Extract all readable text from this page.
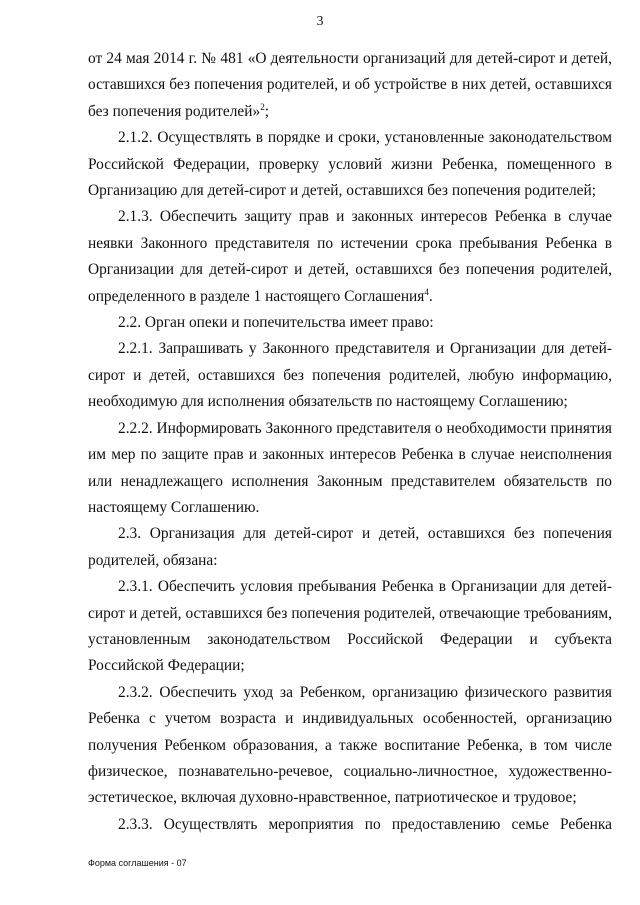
3

от 24 мая 2014 г. № 481 «О деятельности организаций для детей-сирот и детей, оставшихся без попечения родителей, и об устройстве в них детей, оставшихся без попечения родителей»$^2$;

2.1.2. Осуществлять в порядке и сроки, установленные законодательством Российской Федерации, проверку условий жизни Ребенка, помещенного в Организацию для детей-сирот и детей, оставшихся без попечения родителей;

2.1.3. Обеспечить защиту прав и законных интересов Ребенка в случае неявки Законного представителя по истечении срока пребывания Ребенка в Организации для детей-сирот и детей, оставшихся без попечения родителей, определенного в разделе 1 настоящего Соглашения$^4$.

2.2. Орган опеки и попечительства имеет право:

2.2.1. Запрашивать у Законного представителя и Организации для детей-сирот и детей, оставшихся без попечения родителей, любую информацию, необходимую для исполнения обязательств по настоящему Соглашению;

2.2.2. Информировать Законного представителя о необходимости принятия им мер по защите прав и законных интересов Ребенка в случае неисполнения или ненадлежащего исполнения Законным представителем обязательств по настоящему Соглашению.

2.3. Организация для детей-сирот и детей, оставшихся без попечения родителей, обязана:

2.3.1. Обеспечить условия пребывания Ребенка в Организации для детей-сирот и детей, оставшихся без попечения родителей, отвечающие требованиям, установленным законодательством Российской Федерации и субъекта Российской Федерации;

2.3.2. Обеспечить уход за Ребенком, организацию физического развития Ребенка с учетом возраста и индивидуальных особенностей, организацию получения Ребенком образования, а также воспитание Ребенка, в том числе физическое, познавательно-речевое, социально-личностное, художественно-эстетическое, включая духовно-нравственное, патриотическое и трудовое;

2.3.3. Осуществлять мероприятия по предоставлению семье Ребенка

Форма соглашения - 07
